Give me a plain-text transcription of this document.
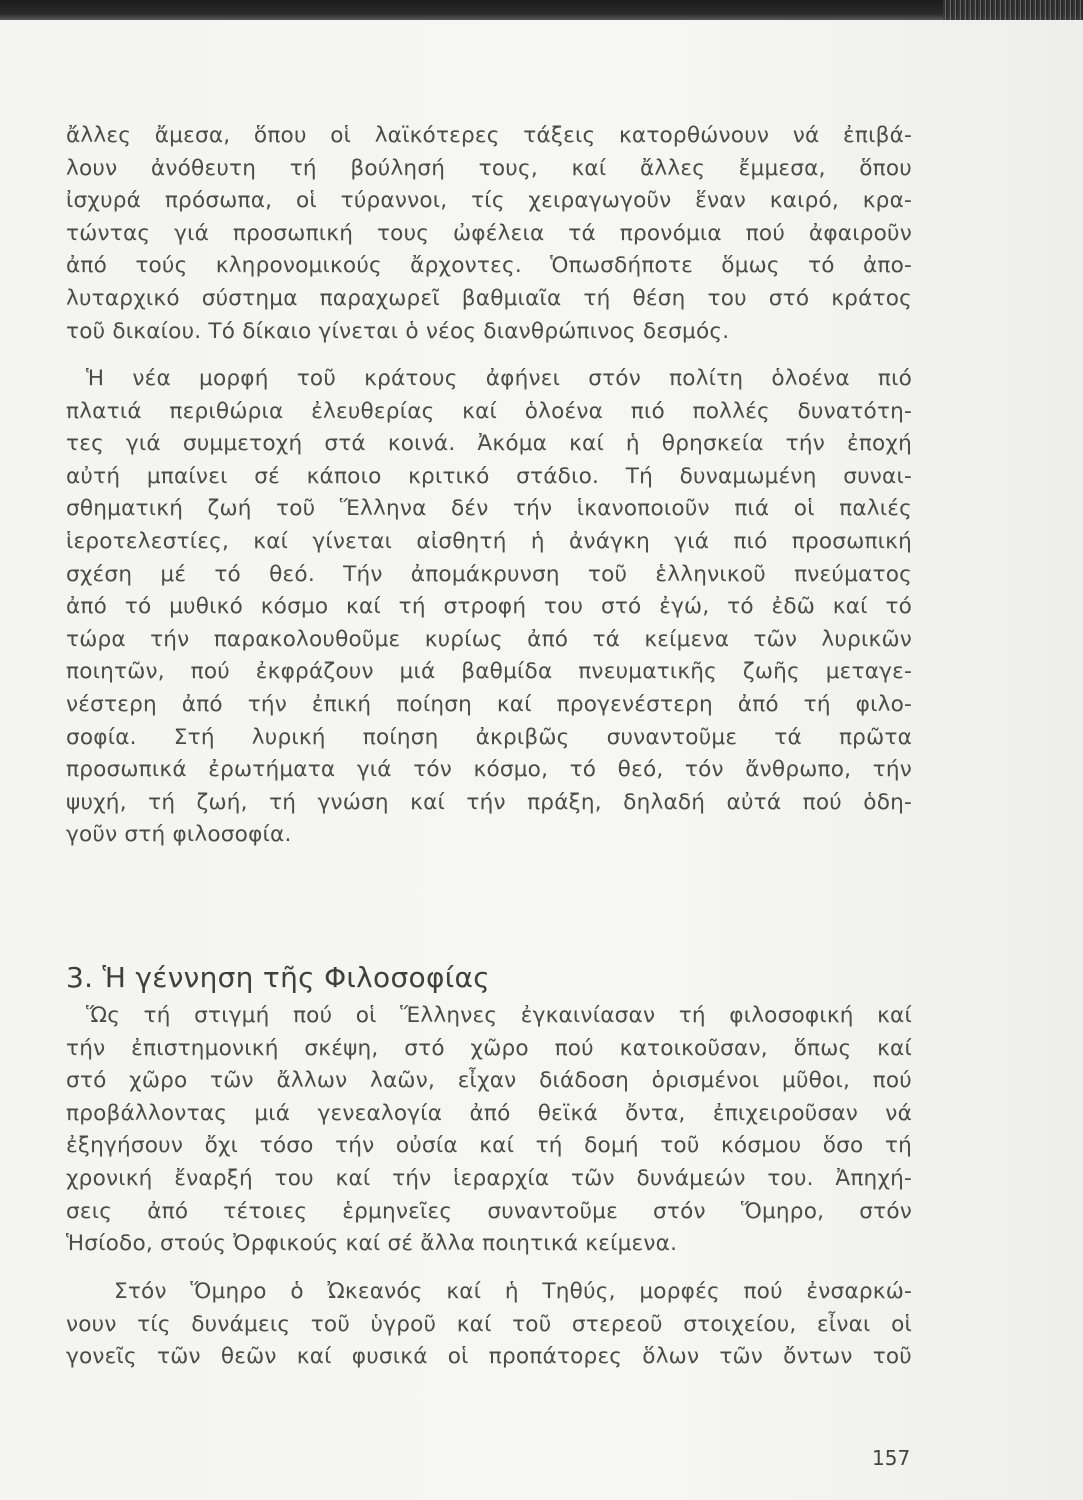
ἄλλες ἄμεσα, ὅπου οἱ λαϊκότερες τάξεις κατορθώνουν νά ἐπιβά-
λουν ἀνόθευτη τή βούλησή τους, καί ἄλλες ἔμμεσα, ὅπου
ἰσχυρά πρόσωπα, οἱ τύραννοι, τίς χειραγωγοῦν ἕναν καιρό, κρα-
τώντας γιά προσωπική τους ὠφέλεια τά προνόμια πού ἀφαιροῦν
ἀπό τούς κληρονομικούς ἄρχοντες. Ὁπωσδήποτε ὅμως τό ἀπο-
λυταρχικό σύστημα παραχωρεῖ βαθμιαῖα τή θέση του στό κράτος
τοῦ δικαίου. Τό δίκαιο γίνεται ὁ νέος διανθρώπινος δεσμός.
Ἡ νέα μορφή τοῦ κράτους ἀφήνει στόν πολίτη ὁλοένα πιό
πλατιά περιθώρια ἐλευθερίας καί ὁλοένα πιό πολλές δυνατότη-
τες γιά συμμετοχή στά κοινά. Ἀκόμα καί ἡ θρησκεία τήν ἐποχή
αὐτή μπαίνει σέ κάποιο κριτικό στάδιο. Τή δυναμωμένη συναι-
σθηματική ζωή τοῦ Ἕλληνα δέν τήν ἱκανοποιοῦν πιά οἱ παλιές
ἱεροτελεστίες, καί γίνεται αἰσθητή ἡ ἀνάγκη γιά πιό προσωπική
σχέση μέ τό θεό. Τήν ἀπομάκρυνση τοῦ ἑλληνικοῦ πνεύματος
ἀπό τό μυθικό κόσμο καί τή στροφή του στό ἐγώ, τό ἐδῶ καί τό
τώρα τήν παρακολουθοῦμε κυρίως ἀπό τά κείμενα τῶν λυρικῶν
ποιητῶν, πού ἐκφράζουν μιά βαθμίδα πνευματικῆς ζωῆς μεταγε-
νέστερη ἀπό τήν ἐπική ποίηση καί προγενέστερη ἀπό τή φιλο-
σοφία. Στή λυρική ποίηση ἀκριβῶς συναντοῦμε τά πρῶτα
προσωπικά ἐρωτήματα γιά τόν κόσμο, τό θεό, τόν ἄνθρωπο, τήν
ψυχή, τή ζωή, τή γνώση καί τήν πράξη, δηλαδή αὐτά πού ὁδη-
γοῦν στή φιλοσοφία.
3. Ἡ γέννηση τῆς Φιλοσοφίας
Ὥς τή στιγμή πού οἱ Ἕλληνες ἐγκαινίασαν τή φιλοσοφική καί
τήν ἐπιστημονική σκέψη, στό χῶρο πού κατοικοῦσαν, ὅπως καί
στό χῶρο τῶν ἄλλων λαῶν, εἶχαν διάδοση ὁρισμένοι μῦθοι, πού
προβάλλοντας μιά γενεαλογία ἀπό θεϊκά ὄντα, ἐπιχειροῦσαν νά
ἐξηγήσουν ὄχι τόσο τήν οὐσία καί τή δομή τοῦ κόσμου ὅσο τή
χρονική ἔναρξή του καί τήν ἱεραρχία τῶν δυνάμεών του. Ἀπηχή-
σεις ἀπό τέτοιες ἑρμηνεῖες συναντοῦμε στόν Ὅμηρο, στόν
Ἡσίοδο, στούς Ὀρφικούς καί σέ ἄλλα ποιητικά κείμενα.
Στόν Ὅμηρο ὁ Ὠκεανός καί ἡ Τηθύς, μορφές πού ἐνσαρκώ-
νουν τίς δυνάμεις τοῦ ὑγροῦ καί τοῦ στερεοῦ στοιχείου, εἶναι οἱ
γονεῖς τῶν θεῶν καί φυσικά οἱ προπάτορες ὅλων τῶν ὄντων τοῦ
157
